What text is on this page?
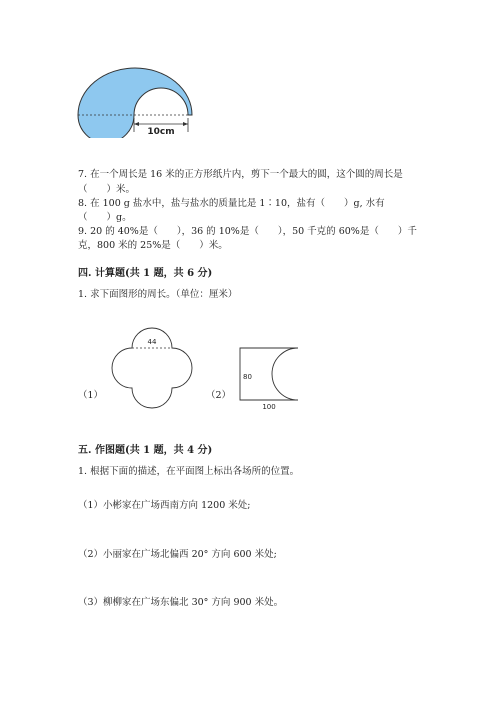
10cm
7. 在一个周长是 16 米的正方形纸片内，剪下一个最大的圆，这个圆的周长是
（　　）米。
8. 在 100 g 盐水中，盐与盐水的质量比是 1∶10，盐有（　　）g, 水有
（　　）g。
9. 20 的 40%是（　　），36 的 10%是（　　），50 千克的 60%是（　　）千
克，800 米的 25%是（　　）米。
四. 计算题(共 1 题，共 6 分)
1. 求下面图形的周长。（单位：厘米）
（1）
44
（2）
80
100
五. 作图题(共 1 题，共 4 分)
1. 根据下面的描述，在平面图上标出各场所的位置。
（1）小彬家在广场西南方向 1200 米处;
（2）小丽家在广场北偏西 20° 方向 600 米处;
（3）柳柳家在广场东偏北 30° 方向 900 米处。
